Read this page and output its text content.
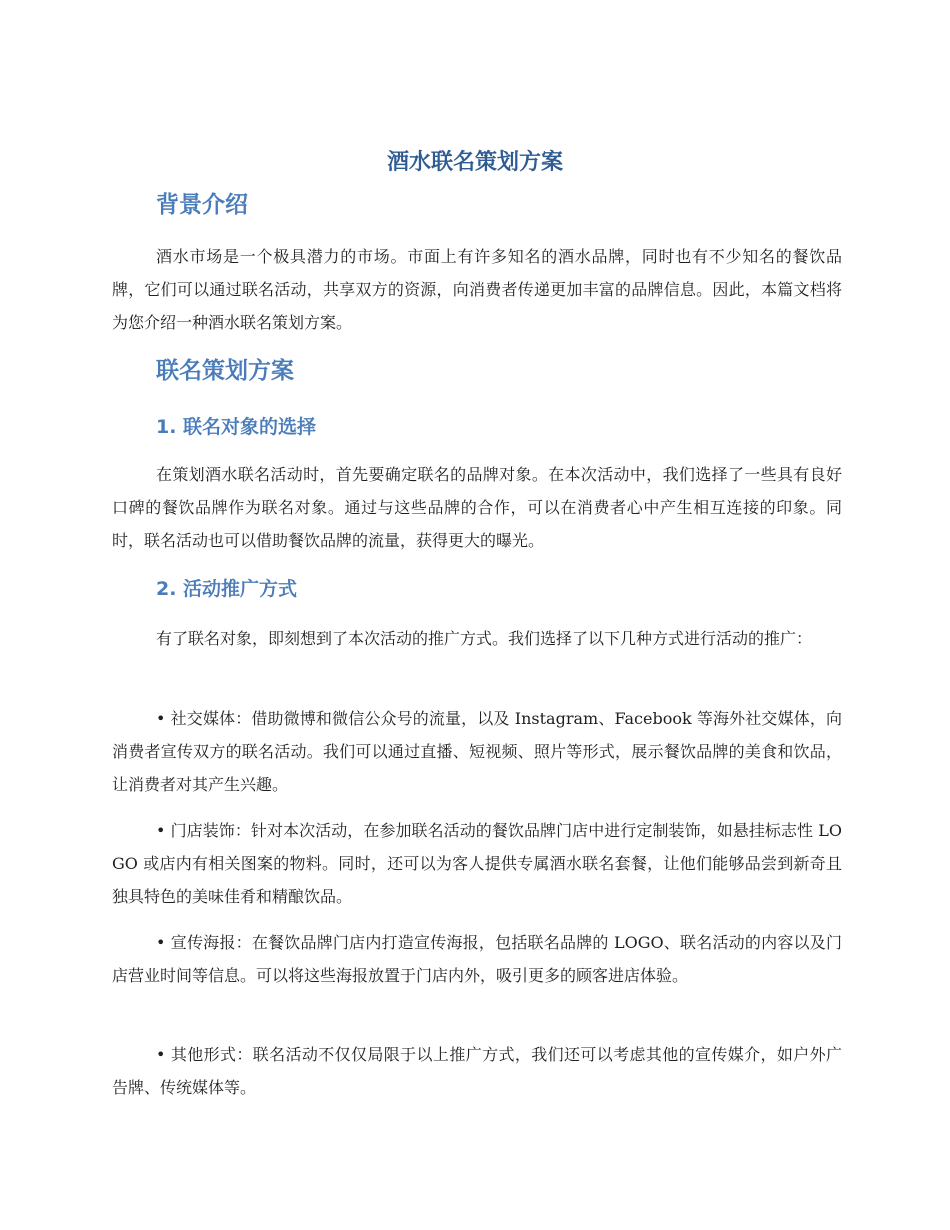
酒水联名策划方案
背景介绍

酒水市场是一个极具潜力的市场。市面上有许多知名的酒水品牌，同时也有不少知名的餐饮品牌，它们可以通过联名活动，共享双方的资源，向消费者传递更加丰富的品牌信息。因此，本篇文档将为您介绍一种酒水联名策划方案。

联名策划方案
1. 联名对象的选择

在策划酒水联名活动时，首先要确定联名的品牌对象。在本次活动中，我们选择了一些具有良好口碑的餐饮品牌作为联名对象。通过与这些品牌的合作，可以在消费者心中产生相互连接的印象。同时，联名活动也可以借助餐饮品牌的流量，获得更大的曝光。

2. 活动推广方式

有了联名对象，即刻想到了本次活动的推广方式。我们选择了以下几种方式进行活动的推广：

• 社交媒体：借助微博和微信公众号的流量，以及 Instagram、Facebook 等海外社交媒体，向消费者宣传双方的联名活动。我们可以通过直播、短视频、照片等形式，展示餐饮品牌的美食和饮品，让消费者对其产生兴趣。

• 门店装饰：针对本次活动，在参加联名活动的餐饮品牌门店中进行定制装饰，如悬挂标志性 LOGO 或店内有相关图案的物料。同时，还可以为客人提供专属酒水联名套餐，让他们能够品尝到新奇且独具特色的美味佳肴和精酿饮品。

• 宣传海报：在餐饮品牌门店内打造宣传海报，包括联名品牌的 LOGO、联名活动的内容以及门店营业时间等信息。可以将这些海报放置于门店内外，吸引更多的顾客进店体验。

• 其他形式：联名活动不仅仅局限于以上推广方式，我们还可以考虑其他的宣传媒介，如户外广告牌、传统媒体等。
